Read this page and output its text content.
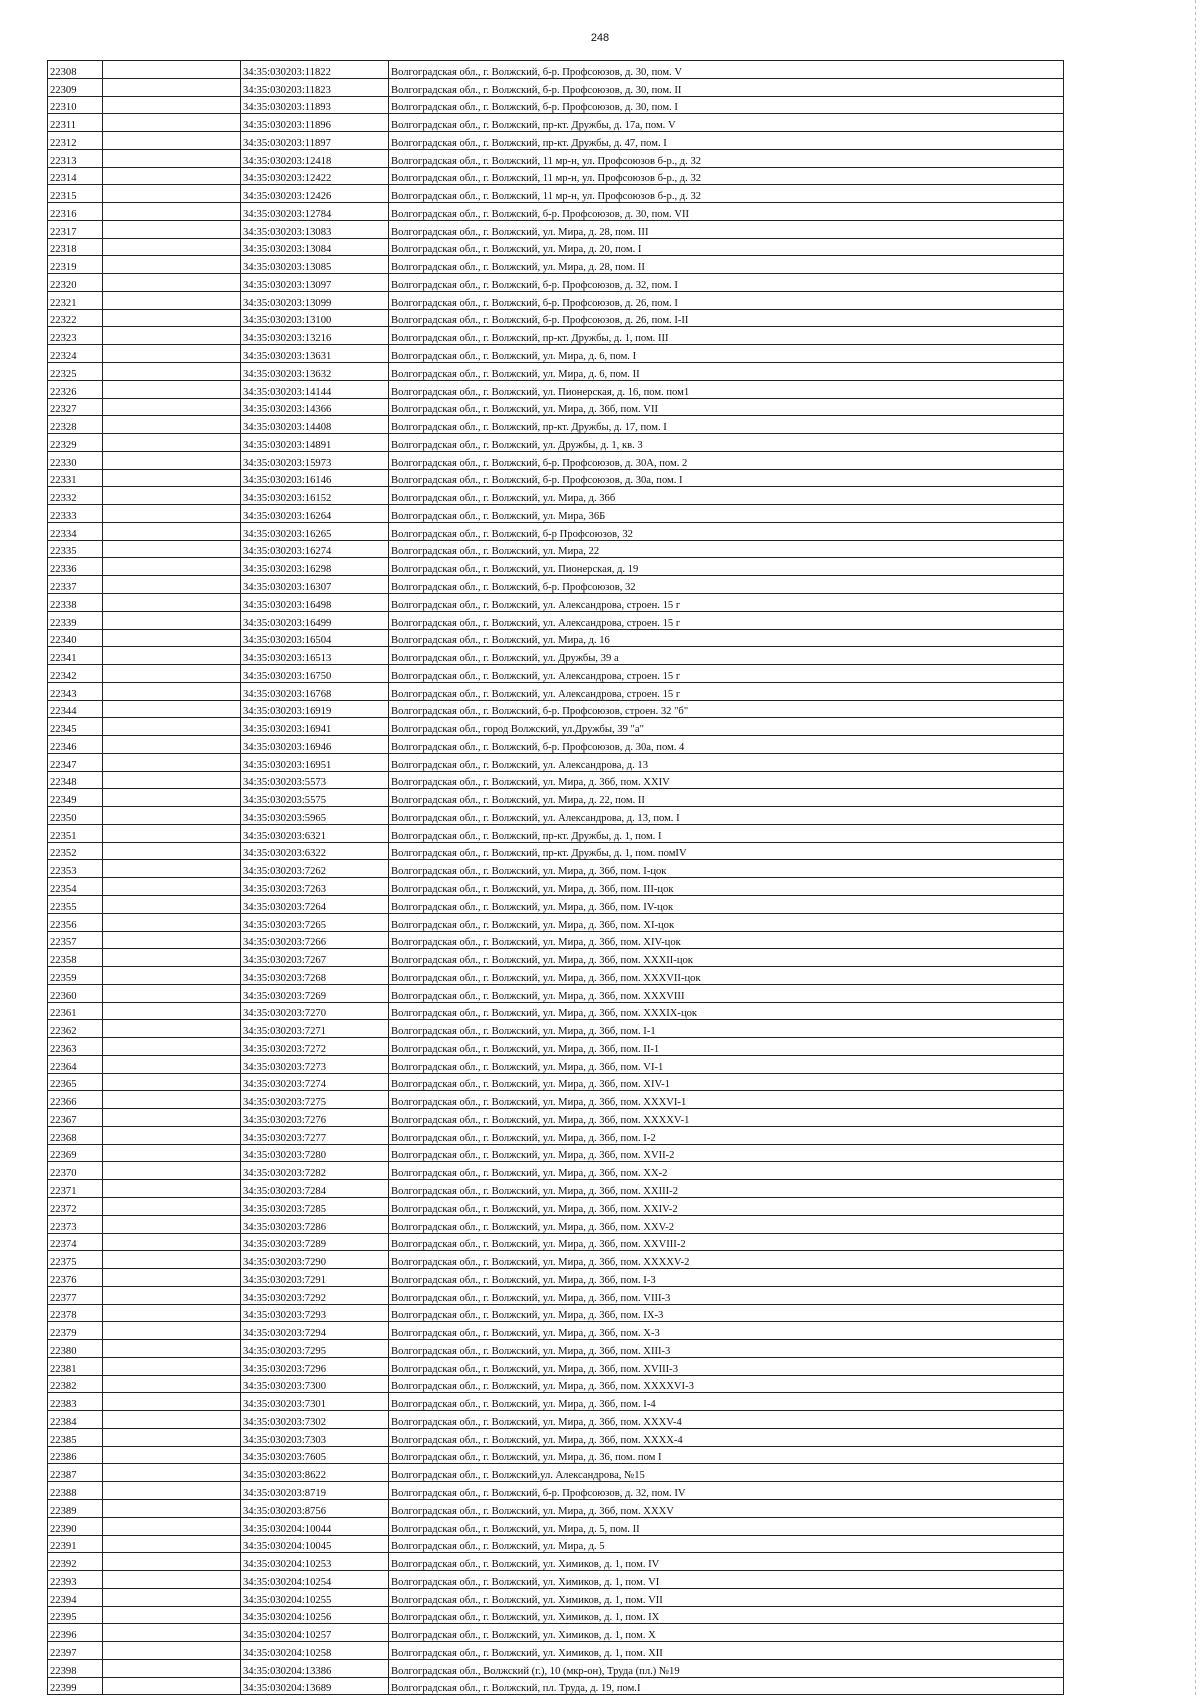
248
22308		34:35:030203:11822	Волгоградская обл., г. Волжский, б-р. Профсоюзов, д. 30, пом. V
22309		34:35:030203:11823	Волгоградская обл., г. Волжский, б-р. Профсоюзов, д. 30, пом. II
22310		34:35:030203:11893	Волгоградская обл., г. Волжский, б-р. Профсоюзов, д. 30, пом. I
22311		34:35:030203:11896	Волгоградская обл., г. Волжский, пр-кт. Дружбы, д. 17а, пом. V
22312		34:35:030203:11897	Волгоградская обл., г. Волжский, пр-кт. Дружбы, д. 47, пом. I
22313		34:35:030203:12418	Волгоградская обл., г. Волжский, 11 мр-н, ул. Профсоюзов б-р., д. 32
22314		34:35:030203:12422	Волгоградская обл., г. Волжский, 11 мр-н, ул. Профсоюзов б-р., д. 32
22315		34:35:030203:12426	Волгоградская обл., г. Волжский, 11 мр-н, ул. Профсоюзов б-р., д. 32
22316		34:35:030203:12784	Волгоградская обл., г. Волжский, б-р. Профсоюзов, д. 30, пом. VII
22317		34:35:030203:13083	Волгоградская обл., г. Волжский, ул. Мира, д. 28, пом. III
22318		34:35:030203:13084	Волгоградская обл., г. Волжский, ул. Мира, д. 20, пом. I
22319		34:35:030203:13085	Волгоградская обл., г. Волжский, ул. Мира, д. 28, пом. II
22320		34:35:030203:13097	Волгоградская обл., г. Волжский, б-р. Профсоюзов, д. 32, пом. I
22321		34:35:030203:13099	Волгоградская обл., г. Волжский, б-р. Профсоюзов, д. 26, пом. I
22322		34:35:030203:13100	Волгоградская обл., г. Волжский, б-р. Профсоюзов, д. 26, пом. I-II
22323		34:35:030203:13216	Волгоградская обл., г. Волжский, пр-кт. Дружбы, д. 1, пом. III
22324		34:35:030203:13631	Волгоградская обл., г. Волжский, ул. Мира, д. 6, пом. I
22325		34:35:030203:13632	Волгоградская обл., г. Волжский, ул. Мира, д. 6, пом. II
22326		34:35:030203:14144	Волгоградская обл., г. Волжский, ул. Пионерская, д. 16, пом. пом1
22327		34:35:030203:14366	Волгоградская обл., г. Волжский, ул. Мира, д. 36б, пом. VII
22328		34:35:030203:14408	Волгоградская обл., г. Волжский, пр-кт. Дружбы, д. 17, пом. I
22329		34:35:030203:14891	Волгоградская обл., г. Волжский, ул. Дружбы, д. 1, кв. 3
22330		34:35:030203:15973	Волгоградская обл., г. Волжский, б-р. Профсоюзов, д. 30А, пом. 2
22331		34:35:030203:16146	Волгоградская обл., г. Волжский, б-р. Профсоюзов, д. 30а, пом. I
22332		34:35:030203:16152	Волгоградская обл., г. Волжский, ул. Мира, д. 36б
22333		34:35:030203:16264	Волгоградская обл., г. Волжский, ул. Мира, 36Б
22334		34:35:030203:16265	Волгоградская обл., г. Волжский, б-р Профсоюзов, 32
22335		34:35:030203:16274	Волгоградская обл., г. Волжский, ул. Мира, 22
22336		34:35:030203:16298	Волгоградская обл., г. Волжский, ул. Пионерская, д. 19
22337		34:35:030203:16307	Волгоградская обл., г. Волжский, б-р. Профсоюзов, 32
22338		34:35:030203:16498	Волгоградская обл., г. Волжский, ул. Александрова, строен. 15 г
22339		34:35:030203:16499	Волгоградская обл., г. Волжский, ул. Александрова, строен. 15 г
22340		34:35:030203:16504	Волгоградская обл., г. Волжский, ул. Мира, д. 16
22341		34:35:030203:16513	Волгоградская обл., г. Волжский, ул. Дружбы, 39 а
22342		34:35:030203:16750	Волгоградская обл., г. Волжский, ул. Александрова, строен. 15 г
22343		34:35:030203:16768	Волгоградская обл., г. Волжский, ул. Александрова, строен. 15 г
22344		34:35:030203:16919	Волгоградская обл., г. Волжский, б-р. Профсоюзов, строен. 32 "б"
22345		34:35:030203:16941	Волгоградская обл., город Волжский, ул.Дружбы, 39 "а"
22346		34:35:030203:16946	Волгоградская обл., г. Волжский, б-р. Профсоюзов, д. 30а, пом. 4
22347		34:35:030203:16951	Волгоградская обл., г. Волжский, ул. Александрова, д. 13
22348		34:35:030203:5573	Волгоградская обл., г. Волжский, ул. Мира, д. 36б, пом. XXIV
22349		34:35:030203:5575	Волгоградская обл., г. Волжский, ул. Мира, д. 22, пом. II
22350		34:35:030203:5965	Волгоградская обл., г. Волжский, ул. Александрова, д. 13, пом. I
22351		34:35:030203:6321	Волгоградская обл., г. Волжский, пр-кт. Дружбы, д. 1, пом. I
22352		34:35:030203:6322	Волгоградская обл., г. Волжский, пр-кт. Дружбы, д. 1, пом. помIV
22353		34:35:030203:7262	Волгоградская обл., г. Волжский, ул. Мира, д. 36б, пом. I-цок
22354		34:35:030203:7263	Волгоградская обл., г. Волжский, ул. Мира, д. 36б, пом. III-цок
22355		34:35:030203:7264	Волгоградская обл., г. Волжский, ул. Мира, д. 36б, пом. IV-цок
22356		34:35:030203:7265	Волгоградская обл., г. Волжский, ул. Мира, д. 36б, пом. XI-цок
22357		34:35:030203:7266	Волгоградская обл., г. Волжский, ул. Мира, д. 36б, пом. XIV-цок
22358		34:35:030203:7267	Волгоградская обл., г. Волжский, ул. Мира, д. 36б, пом. XXXII-цок
22359		34:35:030203:7268	Волгоградская обл., г. Волжский, ул. Мира, д. 36б, пом. XXXVII-цок
22360		34:35:030203:7269	Волгоградская обл., г. Волжский, ул. Мира, д. 36б, пом. XXXVIII
22361		34:35:030203:7270	Волгоградская обл., г. Волжский, ул. Мира, д. 36б, пом. XXXIX-цок
22362		34:35:030203:7271	Волгоградская обл., г. Волжский, ул. Мира, д. 36б, пом. I-1
22363		34:35:030203:7272	Волгоградская обл., г. Волжский, ул. Мира, д. 36б, пом. II-1
22364		34:35:030203:7273	Волгоградская обл., г. Волжский, ул. Мира, д. 36б, пом. VI-1
22365		34:35:030203:7274	Волгоградская обл., г. Волжский, ул. Мира, д. 36б, пом. XIV-1
22366		34:35:030203:7275	Волгоградская обл., г. Волжский, ул. Мира, д. 36б, пом. XXXVI-1
22367		34:35:030203:7276	Волгоградская обл., г. Волжский, ул. Мира, д. 36б, пом. XXXXV-1
22368		34:35:030203:7277	Волгоградская обл., г. Волжский, ул. Мира, д. 36б, пом. I-2
22369		34:35:030203:7280	Волгоградская обл., г. Волжский, ул. Мира, д. 36б, пом. XVII-2
22370		34:35:030203:7282	Волгоградская обл., г. Волжский, ул. Мира, д. 36б, пом. XX-2
22371		34:35:030203:7284	Волгоградская обл., г. Волжский, ул. Мира, д. 36б, пом. XXIII-2
22372		34:35:030203:7285	Волгоградская обл., г. Волжский, ул. Мира, д. 36б, пом. XXIV-2
22373		34:35:030203:7286	Волгоградская обл., г. Волжский, ул. Мира, д. 36б, пом. XXV-2
22374		34:35:030203:7289	Волгоградская обл., г. Волжский, ул. Мира, д. 36б, пом. XXVIII-2
22375		34:35:030203:7290	Волгоградская обл., г. Волжский, ул. Мира, д. 36б, пом. XXXXV-2
22376		34:35:030203:7291	Волгоградская обл., г. Волжский, ул. Мира, д. 36б, пом. I-3
22377		34:35:030203:7292	Волгоградская обл., г. Волжский, ул. Мира, д. 36б, пом. VIII-3
22378		34:35:030203:7293	Волгоградская обл., г. Волжский, ул. Мира, д. 36б, пом. IX-3
22379		34:35:030203:7294	Волгоградская обл., г. Волжский, ул. Мира, д. 36б, пом. X-3
22380		34:35:030203:7295	Волгоградская обл., г. Волжский, ул. Мира, д. 36б, пом. XIII-3
22381		34:35:030203:7296	Волгоградская обл., г. Волжский, ул. Мира, д. 36б, пом. XVIII-3
22382		34:35:030203:7300	Волгоградская обл., г. Волжский, ул. Мира, д. 36б, пом. XXXXVI-3
22383		34:35:030203:7301	Волгоградская обл., г. Волжский, ул. Мира, д. 36б, пом. I-4
22384		34:35:030203:7302	Волгоградская обл., г. Волжский, ул. Мира, д. 36б, пом. XXXV-4
22385		34:35:030203:7303	Волгоградская обл., г. Волжский, ул. Мира, д. 36б, пом. XXXX-4
22386		34:35:030203:7605	Волгоградская обл., г. Волжский, ул. Мира, д. 36, пом. пом I
22387		34:35:030203:8622	Волгоградская обл., г. Волжский,ул. Александрова, №15
22388		34:35:030203:8719	Волгоградская обл., г. Волжский, б-р. Профсоюзов, д. 32, пом. IV
22389		34:35:030203:8756	Волгоградская обл., г. Волжский, ул. Мира, д. 36б, пом. XXXV
22390		34:35:030204:10044	Волгоградская обл., г. Волжский, ул. Мира, д. 5, пом. II
22391		34:35:030204:10045	Волгоградская обл., г. Волжский, ул. Мира, д. 5
22392		34:35:030204:10253	Волгоградская обл., г. Волжский, ул. Химиков, д. 1, пом. IV
22393		34:35:030204:10254	Волгоградская обл., г. Волжский, ул. Химиков, д. 1, пом. VI
22394		34:35:030204:10255	Волгоградская обл., г. Волжский, ул. Химиков, д. 1, пом. VII
22395		34:35:030204:10256	Волгоградская обл., г. Волжский, ул. Химиков, д. 1, пом. IX
22396		34:35:030204:10257	Волгоградская обл., г. Волжский, ул. Химиков, д. 1, пом. X
22397		34:35:030204:10258	Волгоградская обл., г. Волжский, ул. Химиков, д. 1, пом. XII
22398		34:35:030204:13386	Волгоградская обл., Волжский (г.), 10 (мкр-он), Труда (пл.) №19
22399		34:35:030204:13689	Волгоградская обл., г. Волжский, пл. Труда, д. 19, пом.I
